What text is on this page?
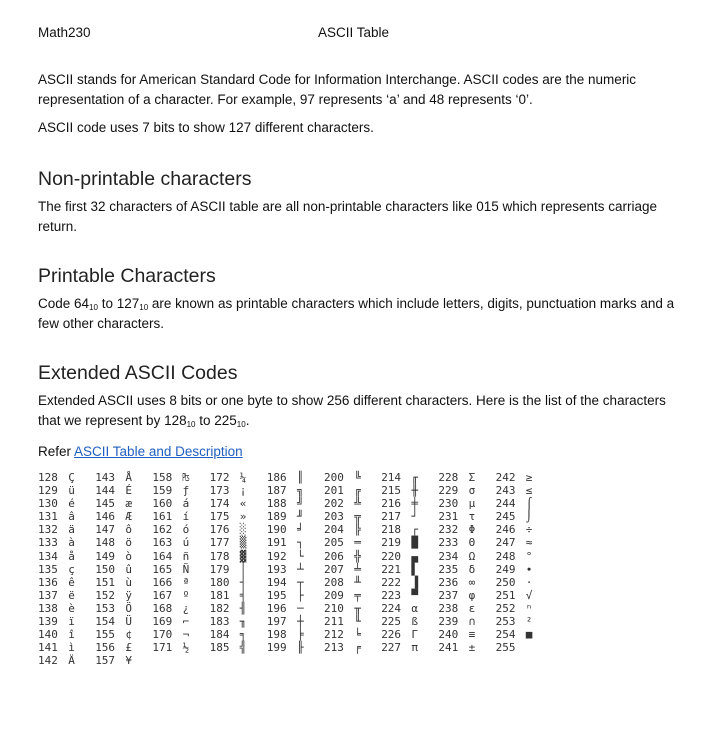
Math230	ASCII Table

ASCII stands for American Standard Code for Information Interchange. ASCII codes are the numeric representation of a character. For example, 97 represents ‘a’ and 48 represents ‘0’.

ASCII code uses 7 bits to show 127 different characters.

Non-printable characters

The first 32 characters of ASCII table are all non-printable characters like 015 which represents carriage return.

Printable Characters

Code $64_{10}$ to $127_{10}$ are known as printable characters which include letters, digits, punctuation marks and a few other characters.

Extended ASCII Codes

Extended ASCII uses 8 bits or one byte to show 256 different characters. Here is the list of the characters that we represent by $128_{10}$ to $225_{10}$.

Refer ASCII Table and Description

128 Ç
129 ü
130 é
131 â
132 ä
133 à
134 å
135 ç
136 ê
137 ë
138 è
139 ï
140 î
141 ì
142 Ä
143 Å
144 É
145 æ
146 Æ
147 ô
148 ö
149 ò
150 û
151 ù
152 ÿ
153 Ö
154 Ü
155 ¢
156 £
157 ¥
158 ₧
159 ƒ
160 á
161 í
162 ó
163 ú
164 ñ
165 Ñ
166 ª
167 º
168 ¿
169 ⌐
170 ¬
171 ½
172 ¼
173 ¡
174 «
175 »
176 ░
177 ▒
178 ▓
179 │
180 ┤
181 ╡
182 ╢
183 ╖
184 ╕
185 ╣
186 ║
187 ╗
188 ╝
189 ╜
190 ╛
191 ┐
192 └
193 ┴
194 ┬
195 ├
196 ─
197 ┼
198 ╞
199 ╟
200 ╚
201 ╔
202 ╩
203 ╦
204 ╠
205 ═
206 ╬
207 ╧
208 ╨
209 ╤
210 ╥
211 ╙
212 ╘
213 ╒
214 ╓
215 ╫
216 ╪
217 ┘
218 ┌
219 █
220 ▄
221 ▌
222 ▐
223 ▀
224 α
225 ß
226 Γ
227 π
228 Σ
229 σ
230 µ
231 τ
232 Φ
233 Θ
234 Ω
235 δ
236 ∞
237 φ
238 ε
239 ∩
240 ≡
241 ±
242 ≥
243 ≤
244 ⌠
245 ⌡
246 ÷
247 ≈
248 °
249 ∙
250 ·
251 √
252 ⁿ
253 ²
254 ■
255
